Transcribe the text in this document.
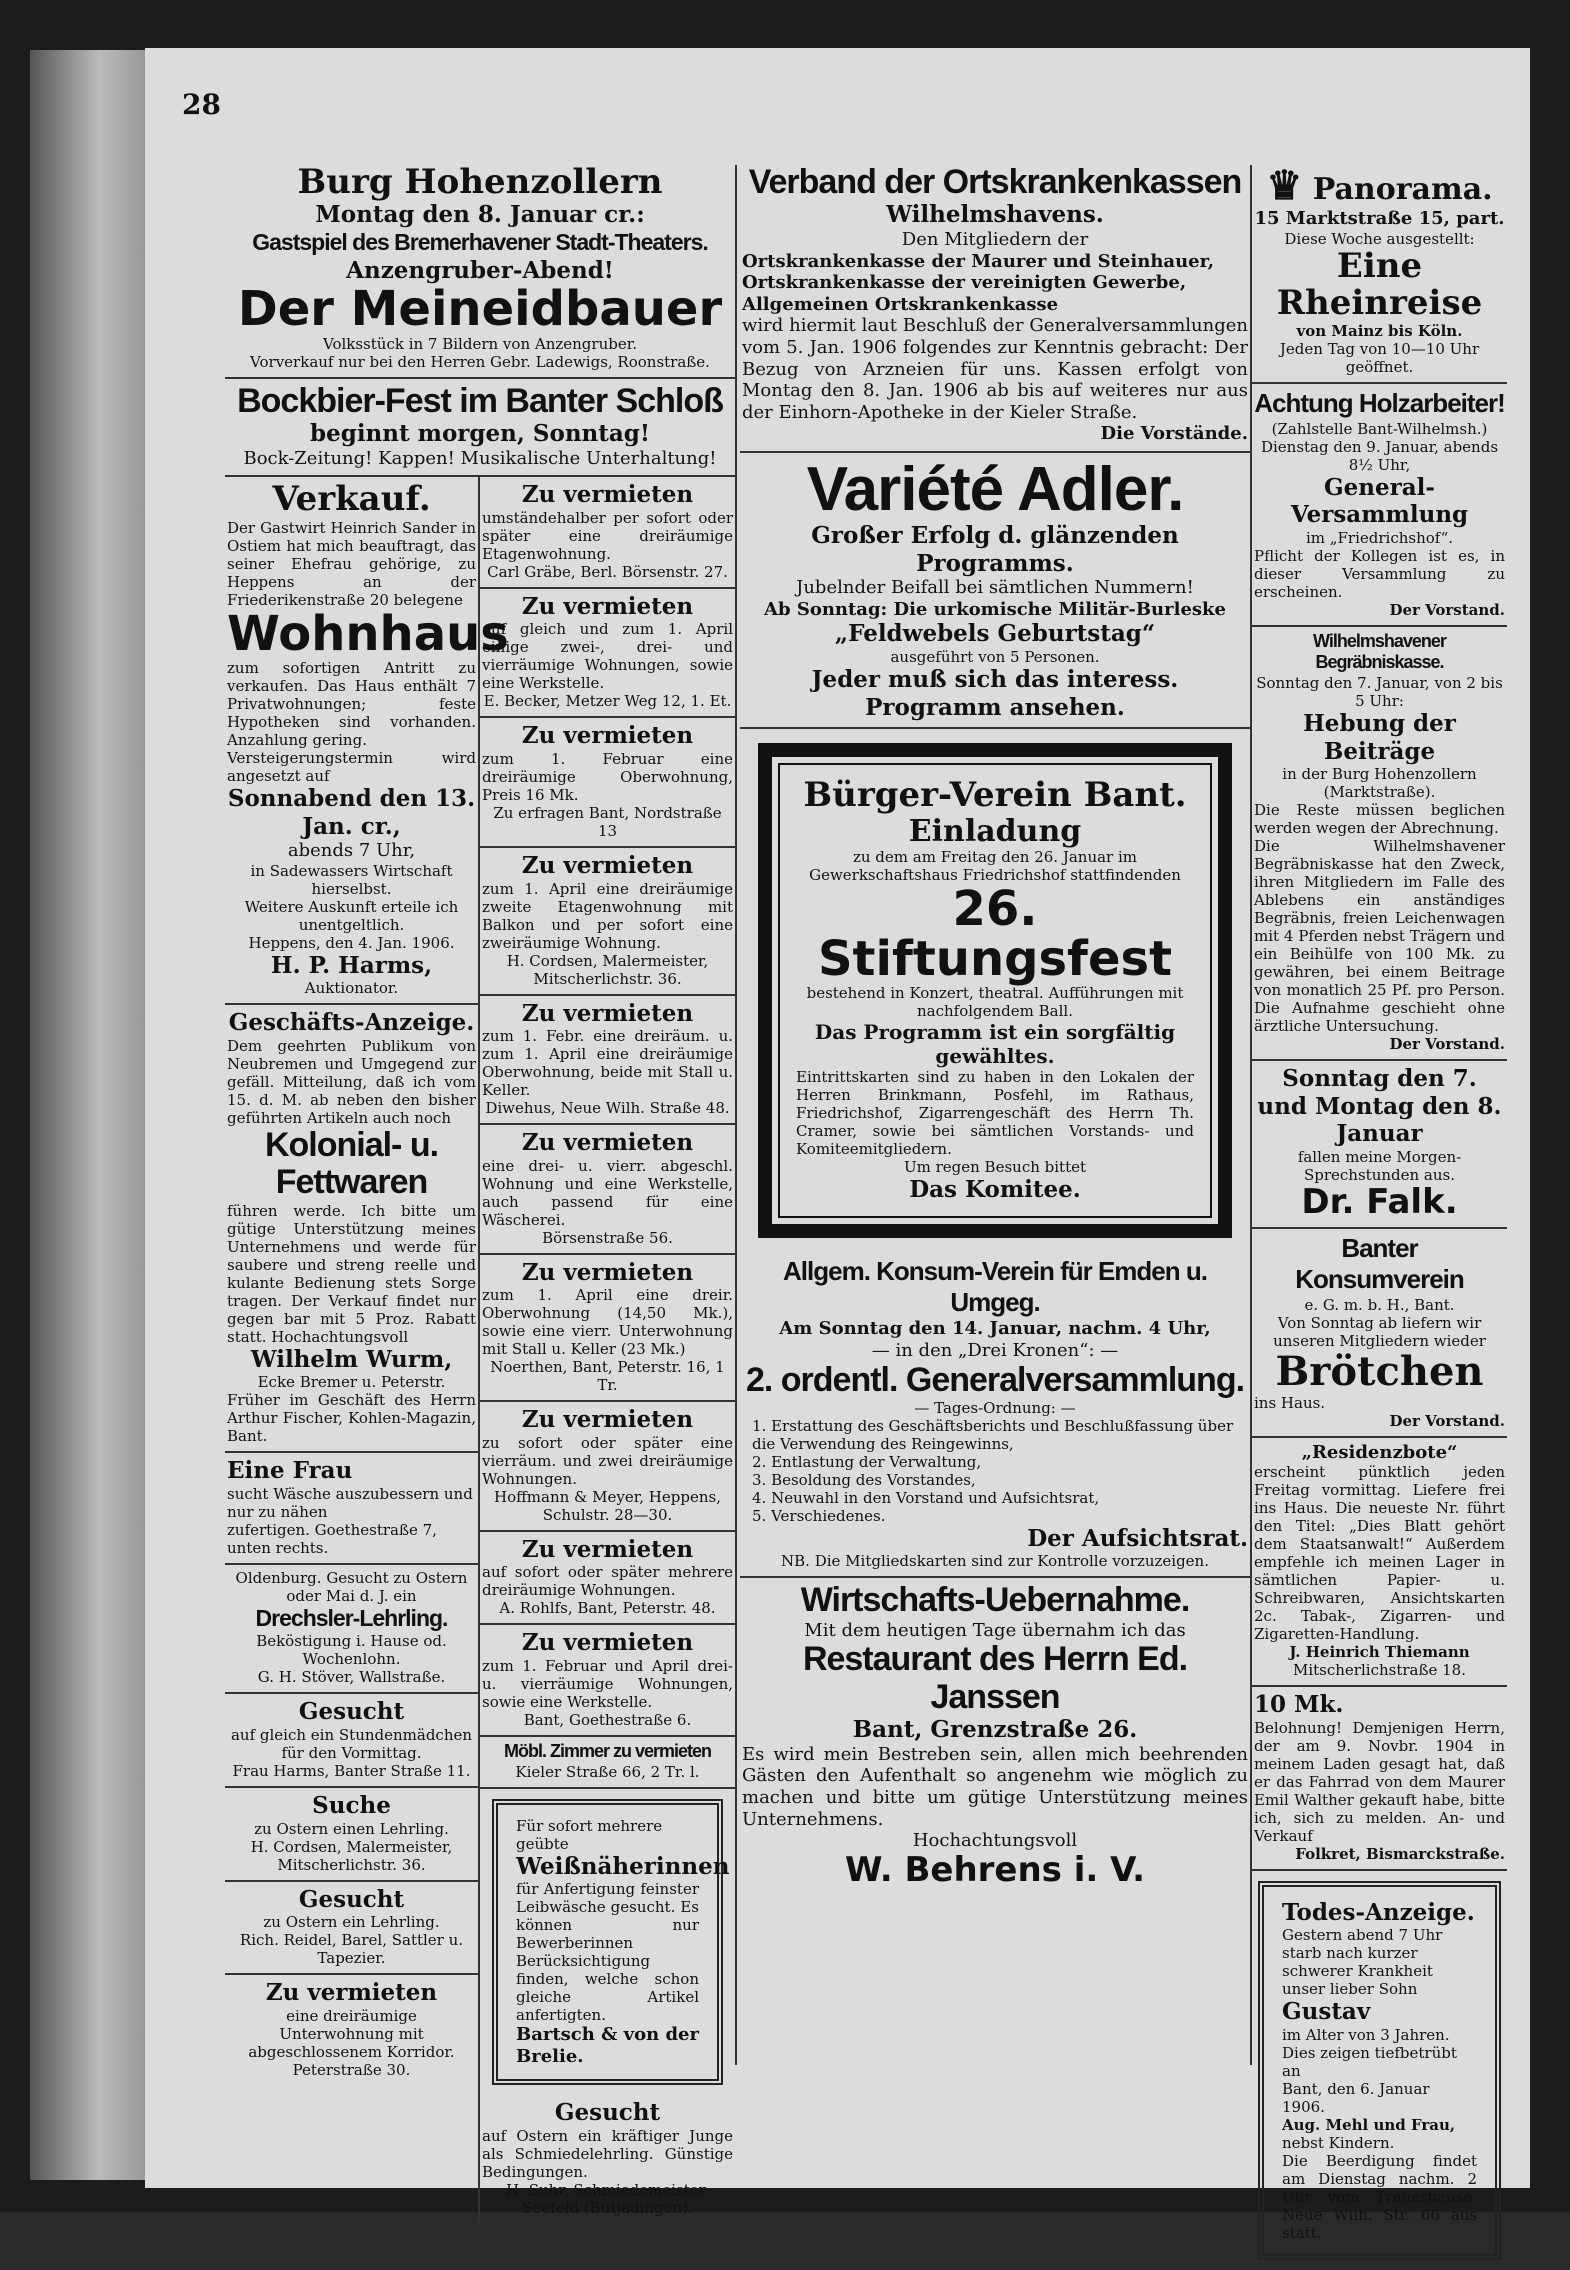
28

Burg Hohenzollern

Montag den 8. Januar cr.:

Gastspiel des Bremerhavener Stadt-Theaters.

Anzengruber-Abend!

Der Meineidbauer

Volksstück in 7 Bildern von Anzengruber.

Vorverkauf nur bei den Herren Gebr. Ladewigs, Roonstraße.

Bockbier-Fest im Banter Schloß

beginnt morgen, Sonntag!

Bock-Zeitung! Kappen! Musikalische Unterhaltung!

Verkauf.

Der Gastwirt Heinrich Sander in Ostiem hat mich beauftragt, das seiner Ehefrau gehörige, zu Heppens an der Friederikenstraße 20 belegene

Wohnhaus

zum sofortigen Antritt zu verkaufen. Das Haus enthält 7 Privatwohnungen; feste Hypotheken sind vorhanden. Anzahlung gering.

Versteigerungstermin wird angesetzt auf

Sonnabend den 13. Jan. cr.,

abends 7 Uhr,

in Sadewassers Wirtschaft hierselbst.

Weitere Auskunft erteile ich unentgeltlich.

Heppens, den 4. Jan. 1906.

H. P. Harms,

Auktionator.

Geschäfts-Anzeige.

Dem geehrten Publikum von Neubremen und Umgegend zur gefäll. Mitteilung, daß ich vom 15. d. M. ab neben den bisher geführten Artikeln auch noch

Kolonial- u. Fettwaren

führen werde. Ich bitte um gütige Unterstützung meines Unternehmens und werde für saubere und streng reelle und kulante Bedienung stets Sorge tragen. Der Verkauf findet nur gegen bar mit 5 Proz. Rabatt statt. Hochachtungsvoll

Wilhelm Wurm,

Ecke Bremer u. Peterstr.

Früher im Geschäft des Herrn Arthur Fischer, Kohlen-Magazin, Bant.

Eine Frau

sucht Wäsche auszubessern und nur zu nähen

zufertigen. Goethestraße 7, unten rechts.

Oldenburg. Gesucht zu Ostern oder Mai d. J. ein

Drechsler-Lehrling.

Beköstigung i. Hause od. Wochenlohn.

G. H. Stöver, Wallstraße.

Gesucht

auf gleich ein Stundenmädchen für den Vormittag.

Frau Harms, Banter Straße 11.

Suche

zu Ostern einen Lehrling.

H. Cordsen, Malermeister, Mitscherlichstr. 36.

Gesucht

zu Ostern ein Lehrling.

Rich. Reidel, Barel, Sattler u. Tapezier.

Zu vermieten

eine dreiräumige Unterwohnung mit abgeschlossenem Korridor.

Peterstraße 30.

Zu vermieten

umständehalber per sofort oder später eine dreiräumige Etagenwohnung.

Carl Gräbe, Berl. Börsenstr. 27.

Zu vermieten

auf gleich und zum 1. April einige zwei-, drei- und vierräumige Wohnungen, sowie eine Werkstelle.

E. Becker, Metzer Weg 12, 1. Et.

Zu vermieten

zum 1. Februar eine dreiräumige Oberwohnung, Preis 16 Mk.

Zu erfragen Bant, Nordstraße 13

Zu vermieten

zum 1. April eine dreiräumige zweite Etagenwohnung mit Balkon und per sofort eine zweiräumige Wohnung.

H. Cordsen, Malermeister, Mitscherlichstr. 36.

Zu vermieten

zum 1. Febr. eine dreiräum. u. zum 1. April eine dreiräumige Oberwohnung, beide mit Stall u. Keller.

Diwehus, Neue Wilh. Straße 48.

Zu vermieten

eine drei- u. vierr. abgeschl. Wohnung und eine Werkstelle, auch passend für eine Wäscherei.

Börsenstraße 56.

Zu vermieten

zum 1. April eine dreir. Oberwohnung (14,50 Mk.), sowie eine vierr. Unterwohnung mit Stall u. Keller (23 Mk.)

Noerthen, Bant, Peterstr. 16, 1 Tr.

Zu vermieten

zu sofort oder später eine vierräum. und zwei dreiräumige Wohnungen.

Hoffmann & Meyer, Heppens, Schulstr. 28—30.

Zu vermieten

auf sofort oder später mehrere dreiräumige Wohnungen.

A. Rohlfs, Bant, Peterstr. 48.

Zu vermieten

zum 1. Februar und April drei- u. vierräumige Wohnungen, sowie eine Werkstelle.

Bant, Goethestraße 6.

Möbl. Zimmer zu vermieten

Kieler Straße 66, 2 Tr. l.

Für sofort mehrere geübte

Weißnäherinnen

für Anfertigung feinster Leibwäsche gesucht. Es können nur Bewerberinnen Berücksichtigung finden, welche schon gleiche Artikel anfertigten.

Bartsch & von der Brelie.

Gesucht

auf Ostern ein kräftiger Junge als Schmiedelehrling. Günstige Bedingungen.

H. Suhr, Schmiedemeister.

Seefeld (Butjadingen).

Verband der Ortskrankenkassen

Wilhelmshavens.

Den Mitgliedern der

Ortskrankenkasse der Maurer und Steinhauer, Ortskrankenkasse der vereinigten Gewerbe, Allgemeinen Ortskrankenkasse

wird hiermit laut Beschluß der Generalversammlungen vom 5. Jan. 1906 folgendes zur Kenntnis gebracht: Der Bezug von Arzneien für uns. Kassen erfolgt von Montag den 8. Jan. 1906 ab bis auf weiteres nur aus der Einhorn-Apotheke in der Kieler Straße.

Die Vorstände.

Variété Adler.

Großer Erfolg d. glänzenden Programms.

Jubelnder Beifall bei sämtlichen Nummern!

Ab Sonntag: Die urkomische Militär-Burleske

„Feldwebels Geburtstag“

ausgeführt von 5 Personen.

Jeder muß sich das interess. Programm ansehen.

Bürger-Verein Bant.

Einladung

zu dem am Freitag den 26. Januar im Gewerkschaftshaus Friedrichshof stattfindenden

26. Stiftungsfest

bestehend in Konzert, theatral. Aufführungen mit nachfolgendem Ball.

Das Programm ist ein sorgfältig gewähltes.

Eintrittskarten sind zu haben in den Lokalen der Herren Brinkmann, Posfehl, im Rathaus, Friedrichshof, Zigarrengeschäft des Herrn Th. Cramer, sowie bei sämtlichen Vorstands- und Komiteemitgliedern.

Um regen Besuch bittet

Das Komitee.

Allgem. Konsum-Verein für Emden u. Umgeg.

Am Sonntag den 14. Januar, nachm. 4 Uhr,

— in den „Drei Kronen“: —

2. ordentl. Generalversammlung.

— Tages-Ordnung: —

1. Erstattung des Geschäftsberichts und Beschlußfassung über die Verwendung des Reingewinns,

2. Entlastung der Verwaltung,

3. Besoldung des Vorstandes,

4. Neuwahl in den Vorstand und Aufsichtsrat,

5. Verschiedenes.

Der Aufsichtsrat.

NB. Die Mitgliedskarten sind zur Kontrolle vorzuzeigen.

Wirtschafts-Uebernahme.

Mit dem heutigen Tage übernahm ich das

Restaurant des Herrn Ed. Janssen

Bant, Grenzstraße 26.

Es wird mein Bestreben sein, allen mich beehrenden Gästen den Aufenthalt so angenehm wie möglich zu machen und bitte um gütige Unterstützung meines Unternehmens.

Hochachtungsvoll

W. Behrens i. V.

♛ Panorama.

15 Marktstraße 15, part.

Diese Woche ausgestellt:

Eine Rheinreise

von Mainz bis Köln.

Jeden Tag von 10—10 Uhr geöffnet.

Achtung Holzarbeiter!

(Zahlstelle Bant-Wilhelmsh.)

Dienstag den 9. Januar, abends 8½ Uhr,

General-Versammlung

im „Friedrichshof“.

Pflicht der Kollegen ist es, in dieser Versammlung zu erscheinen.

Der Vorstand.

Wilhelmshavener Begräbniskasse.

Sonntag den 7. Januar, von 2 bis 5 Uhr:

Hebung der Beiträge

in der Burg Hohenzollern (Marktstraße).

Die Reste müssen beglichen werden wegen der Abrechnung.

Die Wilhelmshavener Begräbniskasse hat den Zweck, ihren Mitgliedern im Falle des Ablebens ein anständiges Begräbnis, freien Leichenwagen mit 4 Pferden nebst Trägern und ein Beihülfe von 100 Mk. zu gewähren, bei einem Beitrage von monatlich 25 Pf. pro Person. Die Aufnahme geschieht ohne ärztliche Untersuchung.

Der Vorstand.

Sonntag den 7. und Montag den 8. Januar

fallen meine Morgen-Sprechstunden aus.

Dr. Falk.

Banter Konsumverein

e. G. m. b. H., Bant.

Von Sonntag ab liefern wir unseren Mitgliedern wieder

Brötchen

ins Haus.

Der Vorstand.

„Residenzbote“

erscheint pünktlich jeden Freitag vormittag. Liefere frei ins Haus. Die neueste Nr. führt den Titel: „Dies Blatt gehört dem Staatsanwalt!“ Außerdem empfehle ich meinen Lager in sämtlichen Papier- u. Schreibwaren, Ansichtskarten 2c. Tabak-, Zigarren- und Zigaretten-Handlung.

J. Heinrich Thiemann

Mitscherlichstraße 18.

10 Mk.

Belohnung! Demjenigen Herrn, der am 9. Novbr. 1904 in meinem Laden gesagt hat, daß er das Fahrrad von dem Maurer Emil Walther gekauft habe, bitte ich, sich zu melden. An- und Verkauf

Folkret, Bismarckstraße.

Todes-Anzeige.

Gestern abend 7 Uhr starb nach kurzer schwerer Krankheit unser lieber Sohn

Gustav

im Alter von 3 Jahren. Dies zeigen tiefbetrübt an

Bant, den 6. Januar 1906.

Aug. Mehl und Frau,

nebst Kindern.

Die Beerdigung findet am Dienstag nachm. 2 Uhr vom Trauerhause, Neue Wilh. Str. 66 aus statt.
